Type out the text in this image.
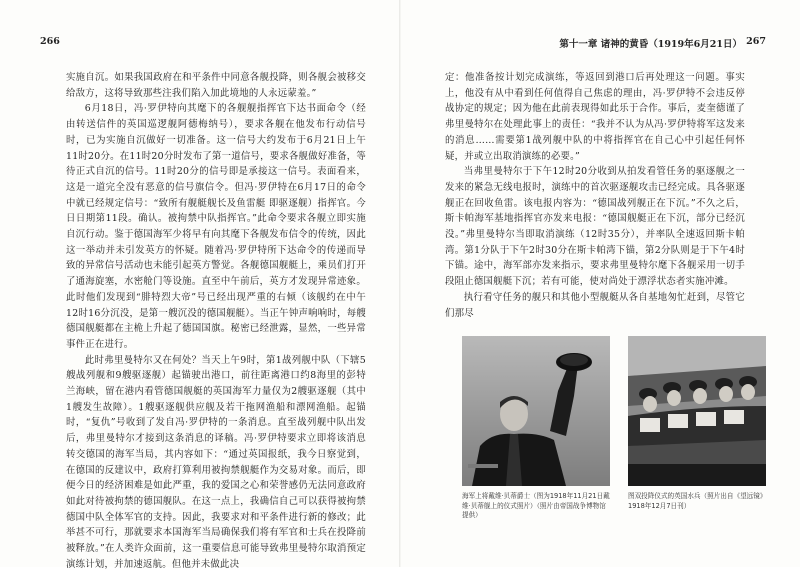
266

实施自沉。如果我国政府在和平条件中同意各舰投降，则各舰会被移交给敌方，这将导致那些注我们陷入加此境地的人永远蒙羞。”

6月18日，冯·罗伊特向其麾下的各舰舰指挥官下达书面命令（经由转送信件的英国巡逻舰阿德梅纳号），要求各舰在他发布行动信号时，已为实施自沉做好一切准备。这一信号大约发布于6月21日上午11时20分。在11时20分时发布了第一道信号，要求各舰做好准备，等待正式自沉的信号。11时20分的信号即是承接这一信号。表面看来，这是一道完全没有恶意的信号旗信令。但冯·罗伊特在6月17日的命令中就已经规定信号：“致所有舰艇舰长及鱼雷艇 即驱逐舰）指挥官。今日日期第11段。确认。被拘禁中队指挥官。”此命令要求各舰立即实施自沉行动。鉴于德国海军少将早有向其麾下各舰发布信令的传统，因此这一举动并未引发英方的怀疑。随着冯·罗伊特所下达命令的传递而导致的异常信号活动也未能引起英方警觉。各舰德国舰艇上，乘员们打开了通海旋塞，水密舱门等设施。直至中午前后，英方才发现异常迹象。此时他们发现到“腓特烈大帝”号已经出现严重的右倾（该舰约在中午12时16分沉没，是第一艘沉没的德国舰艇）。当正午钟声响响时，每艘德国舰艇都在主桅上升起了德国国旗。秘密已经泄露，显然，一些异常事件正在进行。

此时弗里曼特尔又在何处？当天上午9时，第1战列舰中队（下辖5艘战列舰和9艘驱逐舰）起锚驶出港口，前往距离港口约8海里的彭特兰海峡，留在港内看管德国舰艇的英国海军力量仅为2艘驱逐舰（其中1艘发生故障）。1艘驱逐舰供应舰及若干拖网渔船和漂网渔船。起锚时，“复仇”号收到了发自冯·罗伊特的一条消息。直至战列舰中队出发后，弗里曼特尔才接到这条消息的译稿。冯·罗伊特要求立即将该消息转交德国的海军当局，其内容如下：“通过英国报纸，我今日察觉到，在德国的反建议中，政府打算利用被拘禁舰艇作为交易对象。而后，即便今日的经济困难是如此严重，我的爱国之心和荣誉感仍无法同意政府如此对待被拘禁的德国舰队。在这一点上，我确信自己可以获得被拘禁德国中队全体军官的支持。因此，我要求对和平条件进行新的修改；此举甚不可行，那就要求本国海军当局确保我们将有军官和士兵在投降前被释放。”在人类许众面前，这一重要信息可能导致弗里曼特尔取消预定演练计划，并加速返航。但他并未做此决

第十一章 诸神的黄昏（1919年6月21日） 267

定：他准备按计划完成演练，等返回到港口后再处理这一问题。事实上，他没有从中看到任何值得自己焦虑的理由，冯·罗伊特不会违反停战协定的规定；因为他在此前表现得如此乐于合作。事后，麦奎德谨了弗里曼特尔在处理此事上的责任：“我并不认为从冯·罗伊特将军这发来的消息……需要第1战列舰中队的中将指挥官在自己心中引起任何怀疑，并或立出取消演练的必要。”

当弗里曼特尔于下午12时20分收到从拍发看管任务的驱逐舰之一发来的紧急无线电报时，演练中的首次驱逐舰攻击已经完成。具各驱逐舰正在回收鱼雷。该电报内容为：“德国战列舰正在下沉。”不久之后，斯卡帕海军基地指挥官亦发来电报：“德国舰艇正在下沉，部分已经沉没。”弗里曼特尔当即取消演练（12时35分），并率队全速返回斯卡帕湾。第1分队于下午2时30分在斯卡帕湾下锚，第2分队则是于下午4时下锚。途中，海军部亦发来指示，要求弗里曼特尔麾下各舰采用一切手段阻止德国舰艇下沉；若有可能，使对尚处于漂浮状态者实施冲滩。

执行看守任务的舰只和其他小型舰艇从各自基地匆忙赶到，尽管它们那尽

海军上将戴维·贝蒂爵士（图为1918年11月21日戴维·贝蒂舰上的仪式照片）（照片由帝国战争博物馆提供）
图双投降仪式的英国水兵（照片出自《望远镜》1918年12月7日刊）
